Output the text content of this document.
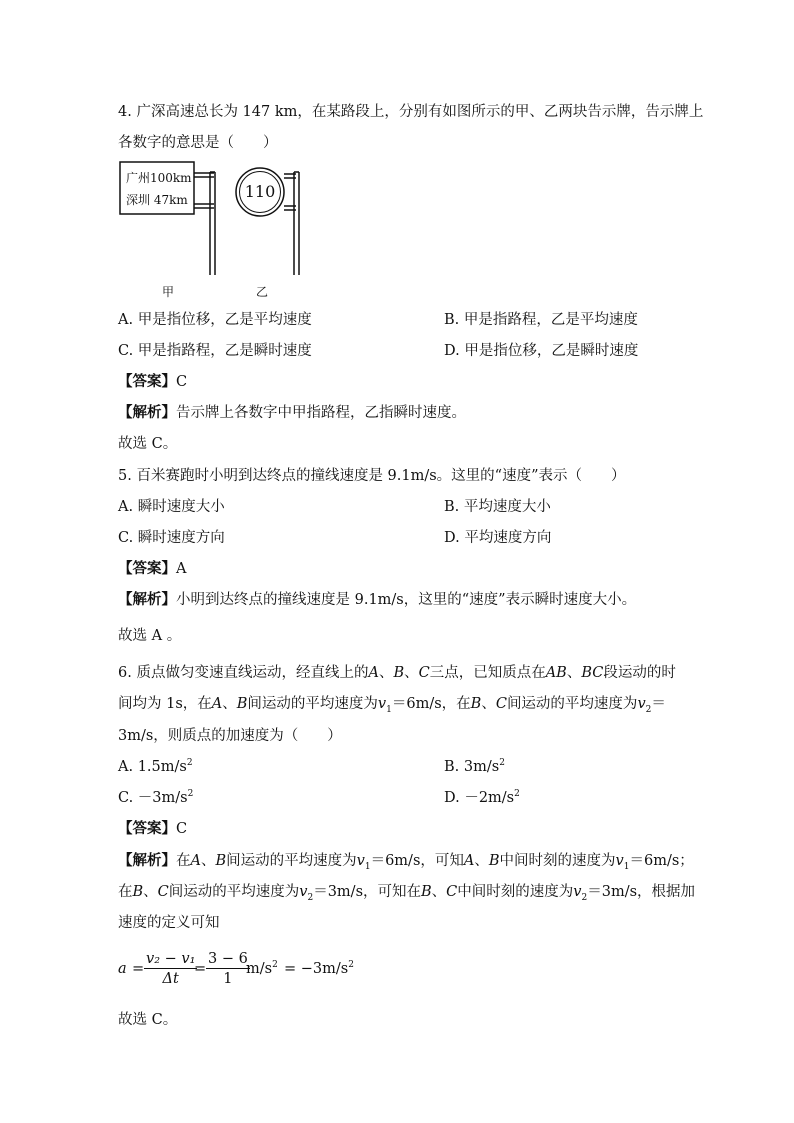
4. 广深高速总长为 147 km，在某路段上，分别有如图所示的甲、乙两块告示牌，告示牌上
各数字的意思是（　　）
广州100km
深圳 47km	110
甲	乙
A. 甲是指位移，乙是平均速度	B. 甲是指路程，乙是平均速度
C. 甲是指路程，乙是瞬时速度	D. 甲是指位移，乙是瞬时速度
【答案】C
【解析】告示牌上各数字中甲指路程，乙指瞬时速度。
故选 C。
5. 百米赛跑时小明到达终点的撞线速度是 9.1m/s。这里的“速度”表示（　　）
A. 瞬时速度大小	B. 平均速度大小
C. 瞬时速度方向	D. 平均速度方向
【答案】A
【解析】小明到达终点的撞线速度是 9.1m/s，这里的“速度”表示瞬时速度大小。
故选 A 。
6. 质点做匀变速直线运动，经直线上的A、B、C三点，已知质点在AB、BC段运动的时
间均为 1s，在A、B间运动的平均速度为$v_1=6m/s$，在B、C间运动的平均速度为$v_2=$
3m/s，则质点的加速度为（　　）
A. $1.5m/s^2$	B. $3m/s^2$
C. $-3m/s^2$	D. $-2m/s^2$
【答案】C
【解析】在A、B间运动的平均速度为$v_1=6m/s$，可知A、B中间时刻的速度为$v_1=6m/s$；
在B、C间运动的平均速度为$v_2=3m/s$，可知在B、C中间时刻的速度为$v_2=3m/s$，根据加
速度的定义可知
$a = \frac{\text{v₂ − v₁}}{\Delta t}$
= $\frac{3 - 6}{1}$
$m/s^2 = -3m/s^2$
故选 C。
